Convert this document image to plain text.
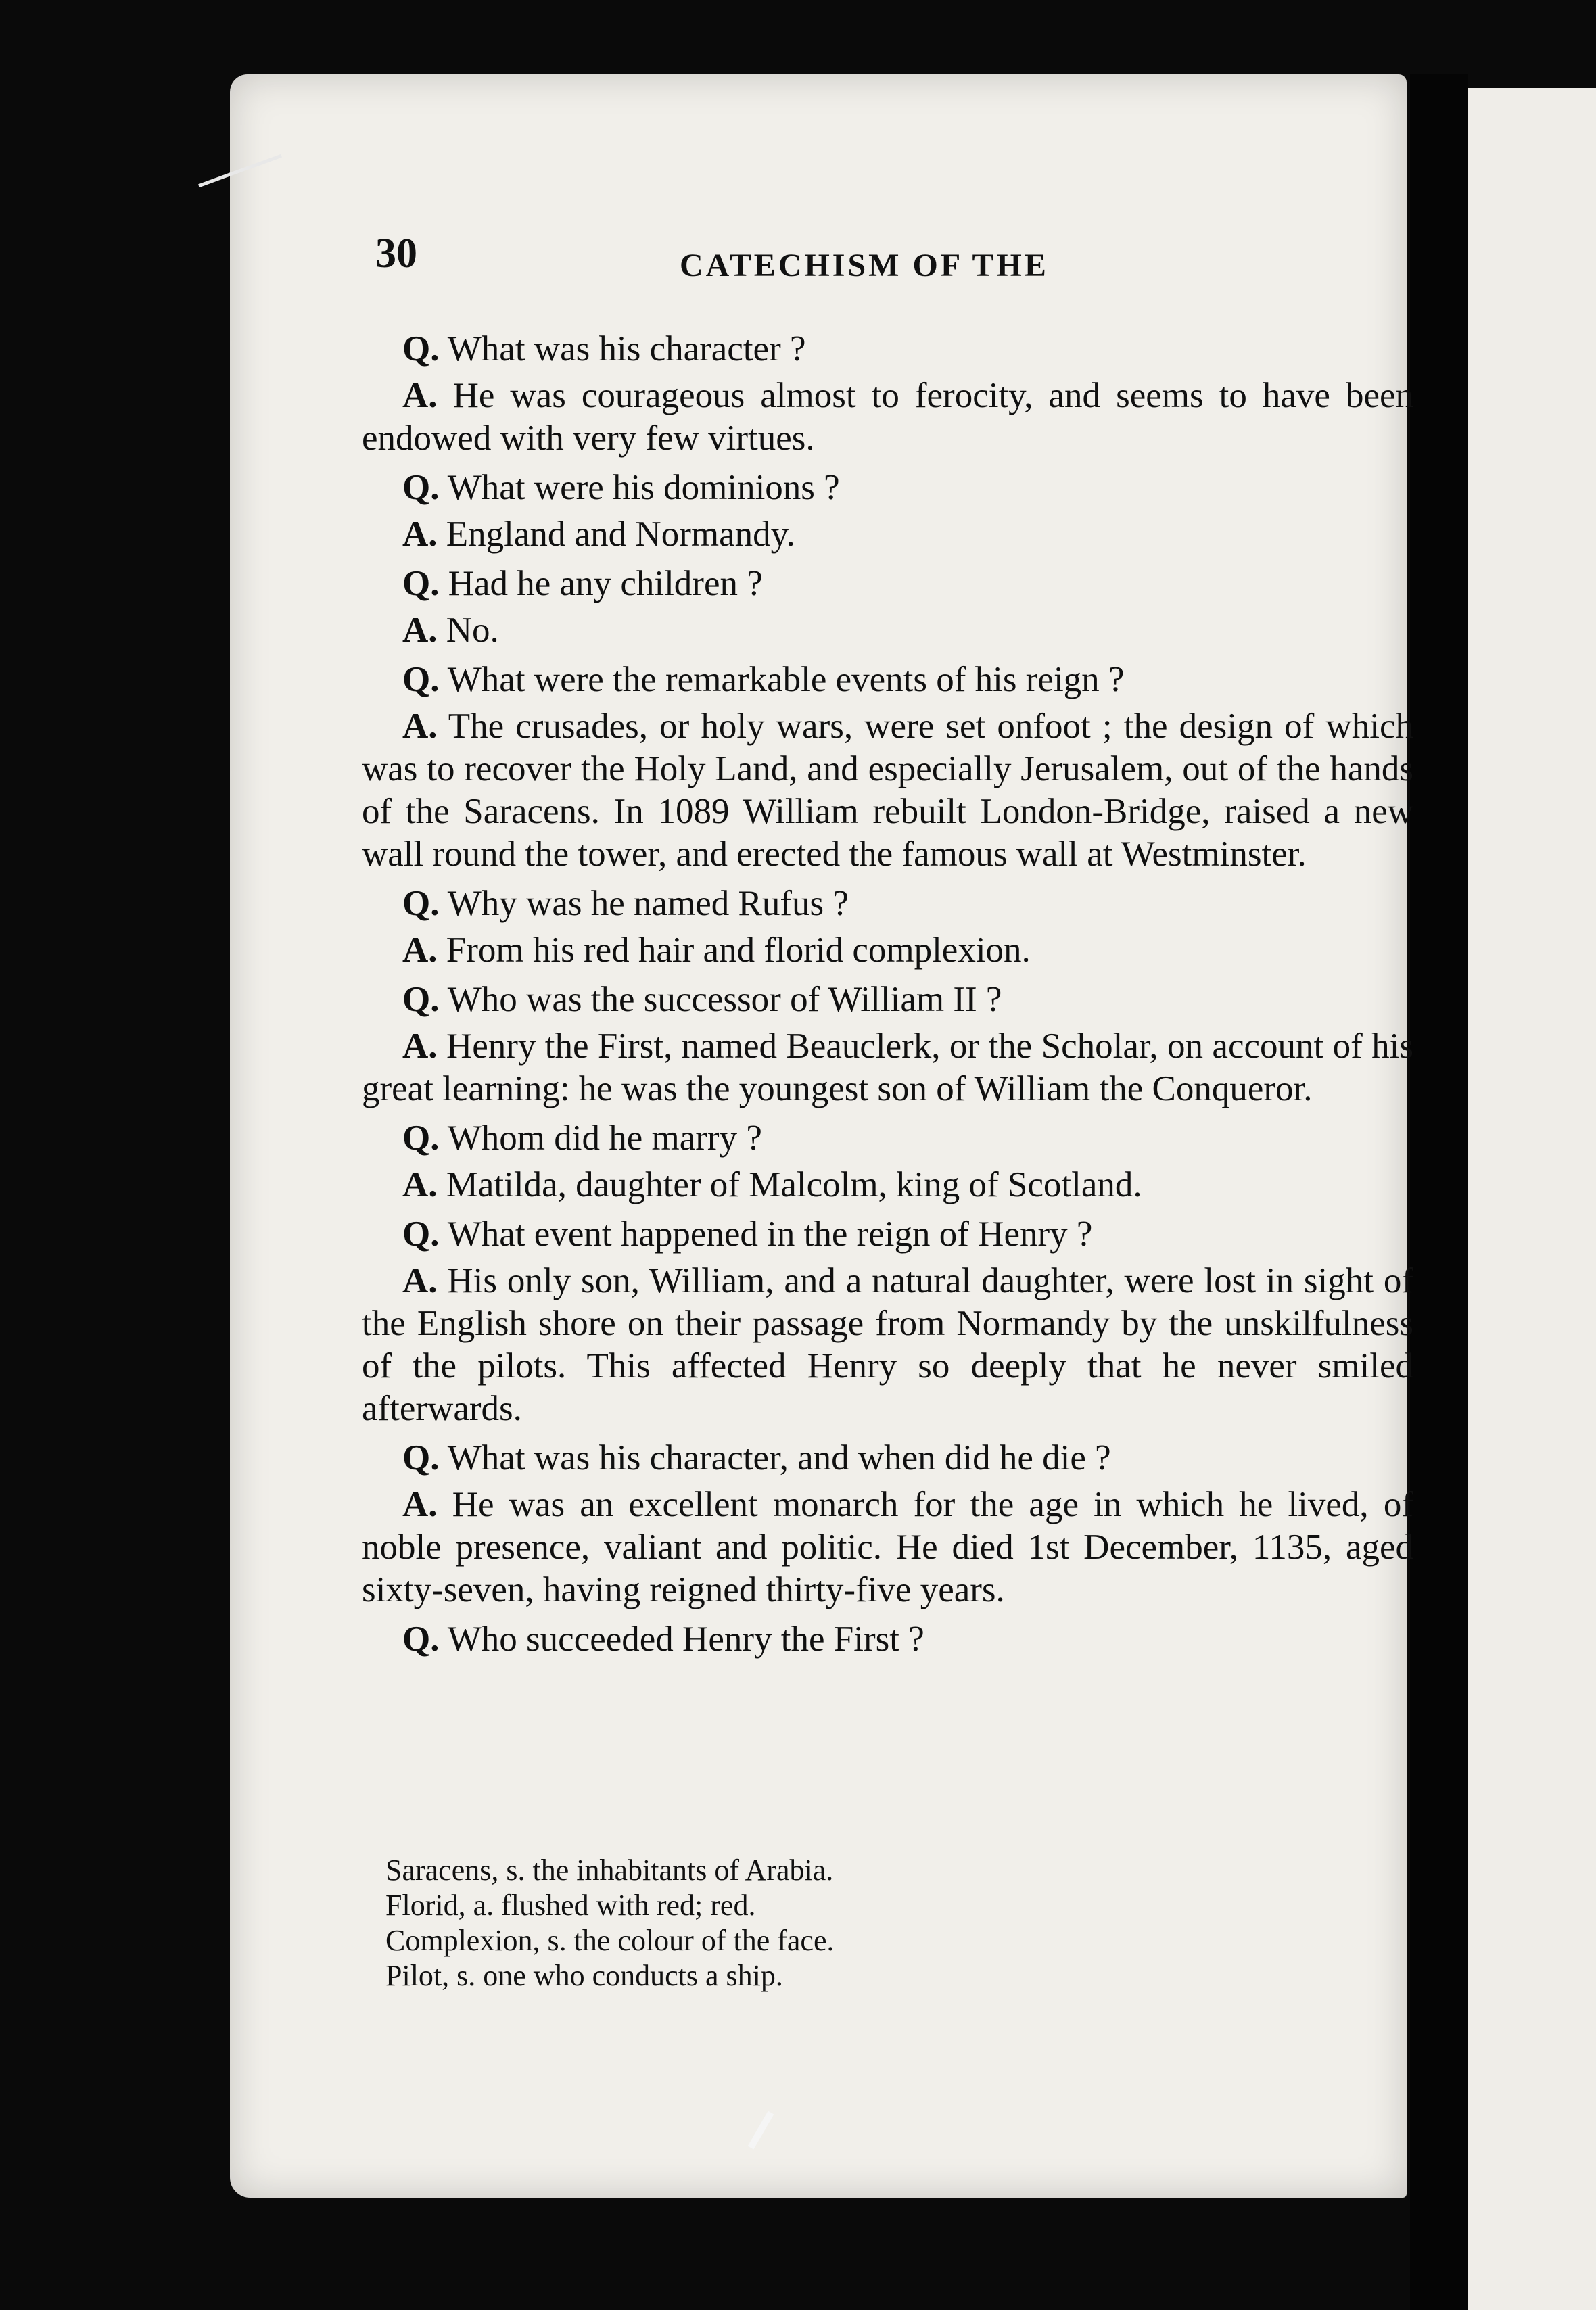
30	CATECHISM OF THE

Q. What was his character ?

A. He was courageous almost to ferocity, and seems to have been endowed with very few virtues.

Q. What were his dominions ?

A. England and Normandy.

Q. Had he any children ?

A. No.

Q. What were the remarkable events of his reign ?

A. The crusades, or holy wars, were set onfoot ; the design of which was to recover the Holy Land, and especially Jerusalem, out of the hands of the Saracens. In 1089 William rebuilt London-Bridge, raised a new wall round the tower, and erected the famous wall at Westminster.

Q. Why was he named Rufus ?

A. From his red hair and florid complexion.

Q. Who was the successor of William II ?

A. Henry the First, named Beauclerk, or the Scholar, on account of his great learning: he was the youngest son of William the Conqueror.

Q. Whom did he marry ?

A. Matilda, daughter of Malcolm, king of Scotland.

Q. What event happened in the reign of Henry ?

A. His only son, William, and a natural daughter, were lost in sight of the English shore on their passage from Normandy by the unskilfulness of the pilots. This affected Henry so deeply that he never smiled afterwards.

Q. What was his character, and when did he die ?

A. He was an excellent monarch for the age in which he lived, of noble presence, valiant and politic. He died 1st December, 1135, aged sixty-seven, having reigned thirty-five years.

Q. Who succeeded Henry the First ?

Saracens, s. the inhabitants of Arabia.
Florid, a. flushed with red; red.
Complexion, s. the colour of the face.
Pilot, s. one who conducts a ship.
